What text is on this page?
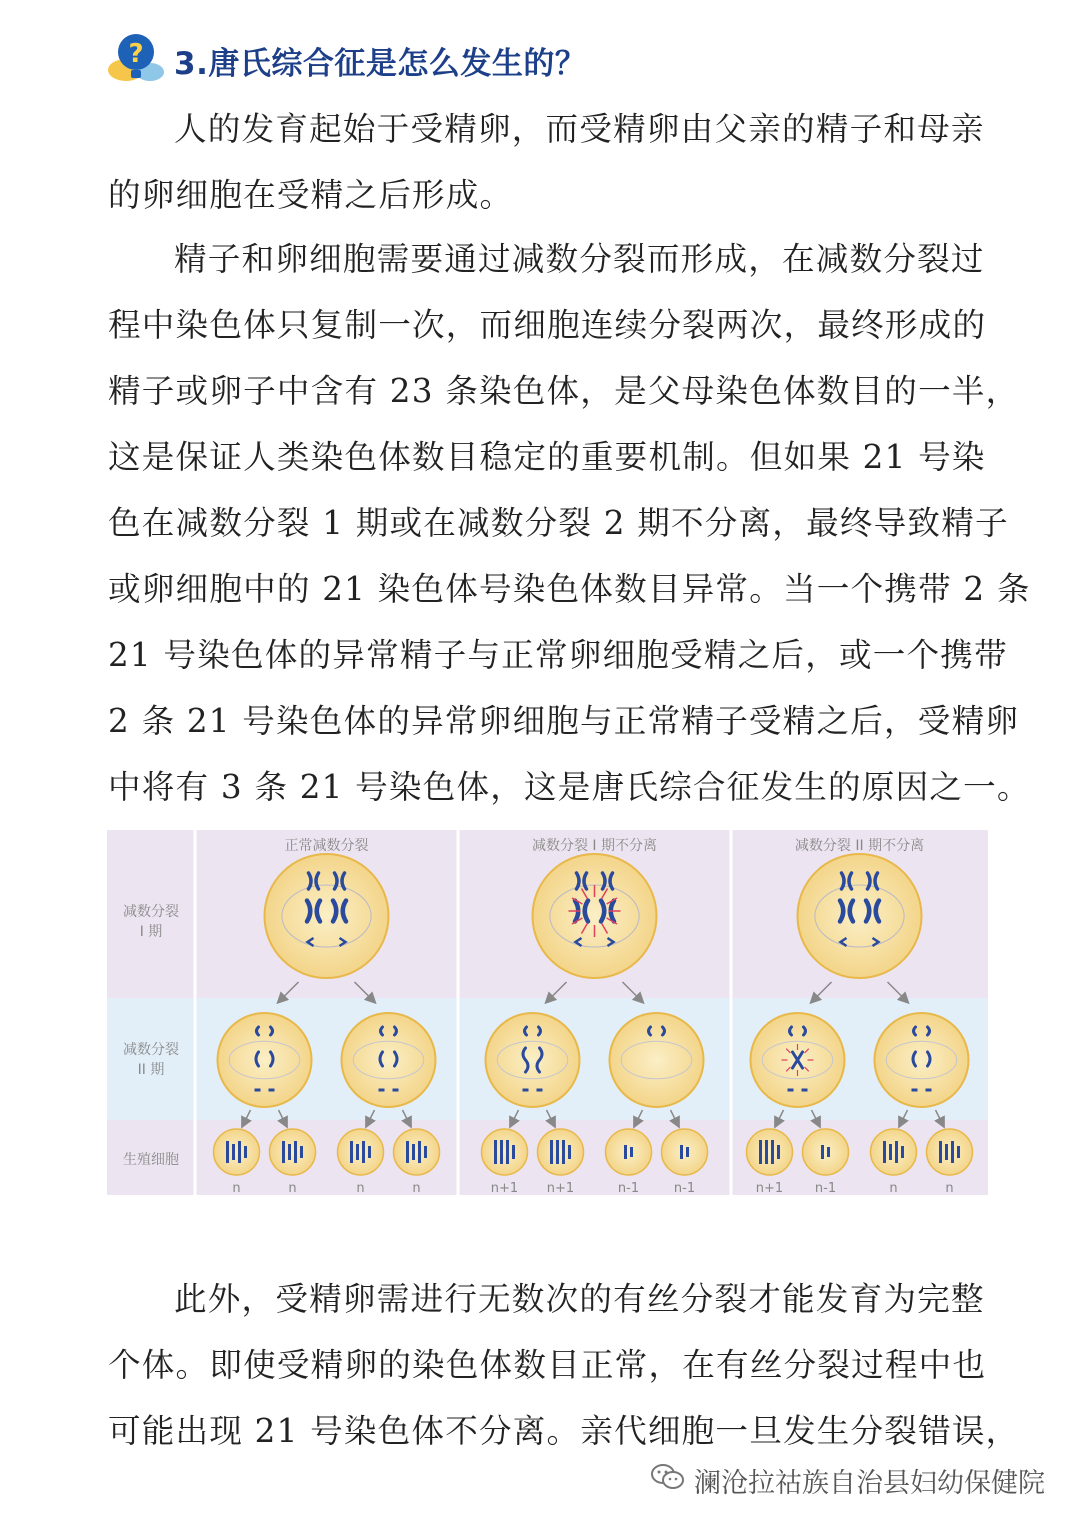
? 3.唐氏综合征是怎么发生的？
人的发育起始于受精卵，而受精卵由父亲的精子和母亲
的卵细胞在受精之后形成。
精子和卵细胞需要通过减数分裂而形成，在减数分裂过
程中染色体只复制一次，而细胞连续分裂两次，最终形成的
精子或卵子中含有 23 条染色体，是父母染色体数目的一半，
这是保证人类染色体数目稳定的重要机制。但如果 21 号染
色在减数分裂 1 期或在减数分裂 2 期不分离，最终导致精子
或卵细胞中的 21 染色体号染色体数目异常。当一个携带 2 条
21 号染色体的异常精子与正常卵细胞受精之后，或一个携带
2 条 21 号染色体的异常卵细胞与正常精子受精之后，受精卵
中将有 3 条 21 号染色体，这是唐氏综合征发生的原因之一。
减数分裂
I 期
减数分裂
II 期
生殖细胞
正常减数分裂
n	n	n	n
减数分裂 I 期不分离
n+1 n+1	n-1	n-1
减数分裂 II 期不分离
n+1 n-1	n	n
此外，受精卵需进行无数次的有丝分裂才能发育为完整
个体。即使受精卵的染色体数目正常，在有丝分裂过程中也
可能出现 21 号染色体不分离。亲代细胞一旦发生分裂错误，
澜沧拉祜族自治县妇幼保健院
